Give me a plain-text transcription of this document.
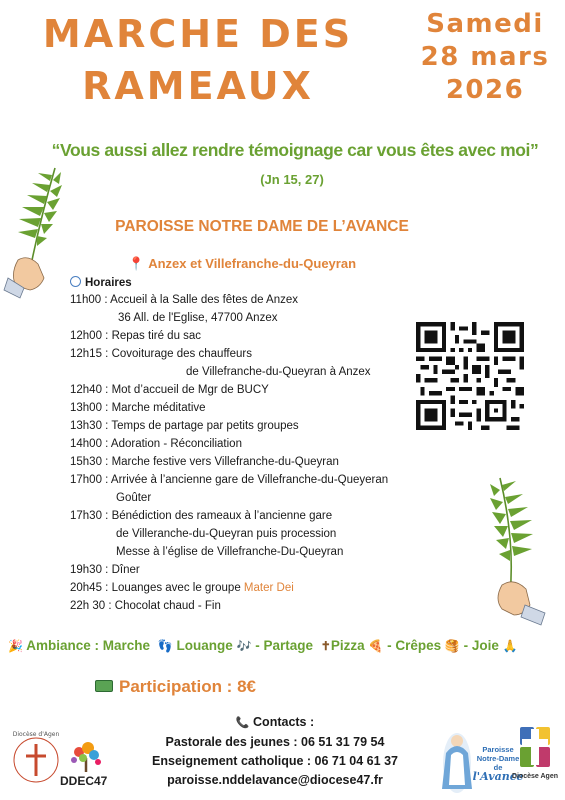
MARCHE DES
RAMEAUX
Samedi
28 mars
2026
“Vous aussi allez rendre témoignage car vous êtes avec moi”
(Jn 15, 27)
PAROISSE NOTRE DAME DE L’AVANCE
📍 Anzex et Villefranche-du-Queyran
Horaires
11h00 : Accueil à la Salle des fêtes de Anzex
36 All. de l'Eglise, 47700 Anzex
12h00 : Repas tiré du sac
12h15 : Covoiturage des chauffeurs
de Villefranche-du-Queyran à Anzex
12h40 : Mot d’accueil de Mgr de BUCY
13h00 : Marche méditative
13h30 : Temps de partage par petits groupes
14h00 : Adoration - Réconciliation
15h30 : Marche festive vers Villefranche-du-Queyran
17h00 : Arrivée à l’ancienne gare de Villefranche-du-Queyeran
Goûter
17h30 : Bénédiction des rameaux à l’ancienne gare
de Villeranche-du-Queyran puis procession
Messe à l’église de Villefranche-Du-Queyran
19h30 : Dîner
20h45 : Louanges avec le groupe Mater Dei
22h 30 : Chocolat chaud - Fin
🎉 Ambiance : Marche 👣 Louange 🎶 - Partage ✝Pizza 🍕 - Crêpes 🥞 - Joie 🙏
Participation : 8€
📞 Contacts :
Pastorale des jeunes : 06 51 31 79 54
Enseignement catholique : 06 71 04 61 37
paroisse.nddelavance@diocese47.fr
Diocèse d'Agen
DDEC47
Paroisse
Notre-Dame
de
l'Avance
Diocèse Agen
